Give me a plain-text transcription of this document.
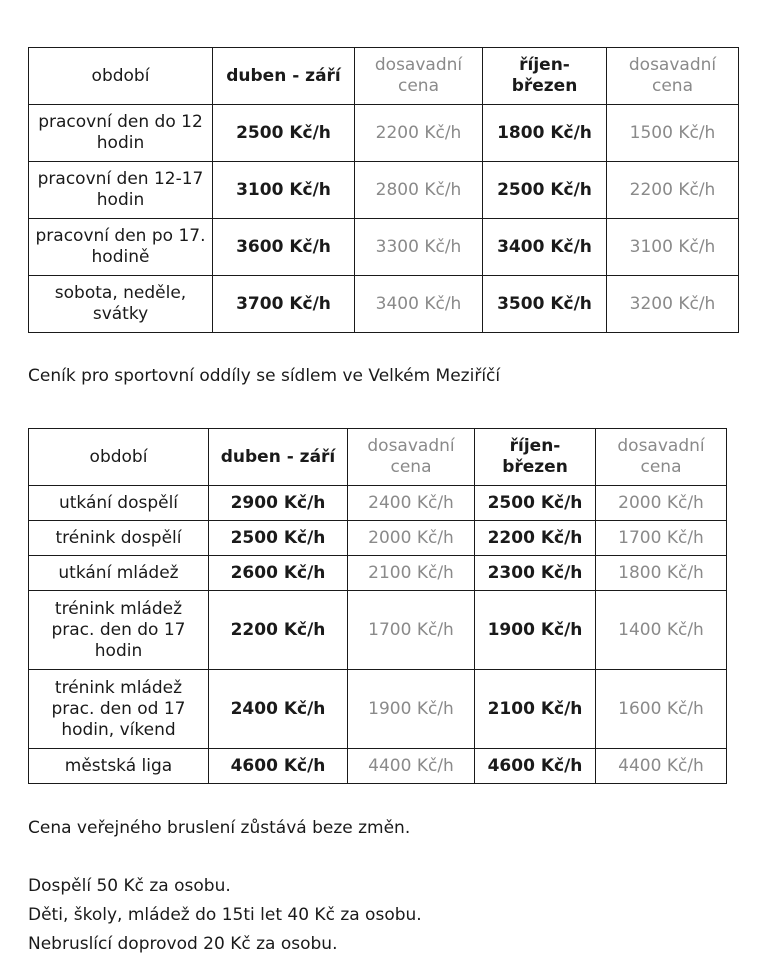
období	duben - září	dosavadní cena	říjen-březen	dosavadní cena
pracovní den do 12 hodin	2500 Kč/h	2200 Kč/h	1800 Kč/h	1500 Kč/h
pracovní den 12-17 hodin	3100 Kč/h	2800 Kč/h	2500 Kč/h	2200 Kč/h
pracovní den po 17. hodině	3600 Kč/h	3300 Kč/h	3400 Kč/h	3100 Kč/h
sobota, neděle, svátky	3700 Kč/h	3400 Kč/h	3500 Kč/h	3200 Kč/h

Ceník pro sportovní oddíly se sídlem ve Velkém Meziříčí

období	duben - září	dosavadní cena	říjen-březen	dosavadní cena
utkání dospělí	2900 Kč/h	2400 Kč/h	2500 Kč/h	2000 Kč/h
trénink dospělí	2500 Kč/h	2000 Kč/h	2200 Kč/h	1700 Kč/h
utkání mládež	2600 Kč/h	2100 Kč/h	2300 Kč/h	1800 Kč/h
trénink mládež prac. den do 17 hodin	2200 Kč/h	1700 Kč/h	1900 Kč/h	1400 Kč/h
trénink mládež prac. den od 17 hodin, víkend	2400 Kč/h	1900 Kč/h	2100 Kč/h	1600 Kč/h
městská liga	4600 Kč/h	4400 Kč/h	4600 Kč/h	4400 Kč/h

Cena veřejného bruslení zůstává beze změn.

Dospělí 50 Kč za osobu.

Děti, školy, mládež do 15ti let 40 Kč za osobu.

Nebruslící doprovod 20 Kč za osobu.
